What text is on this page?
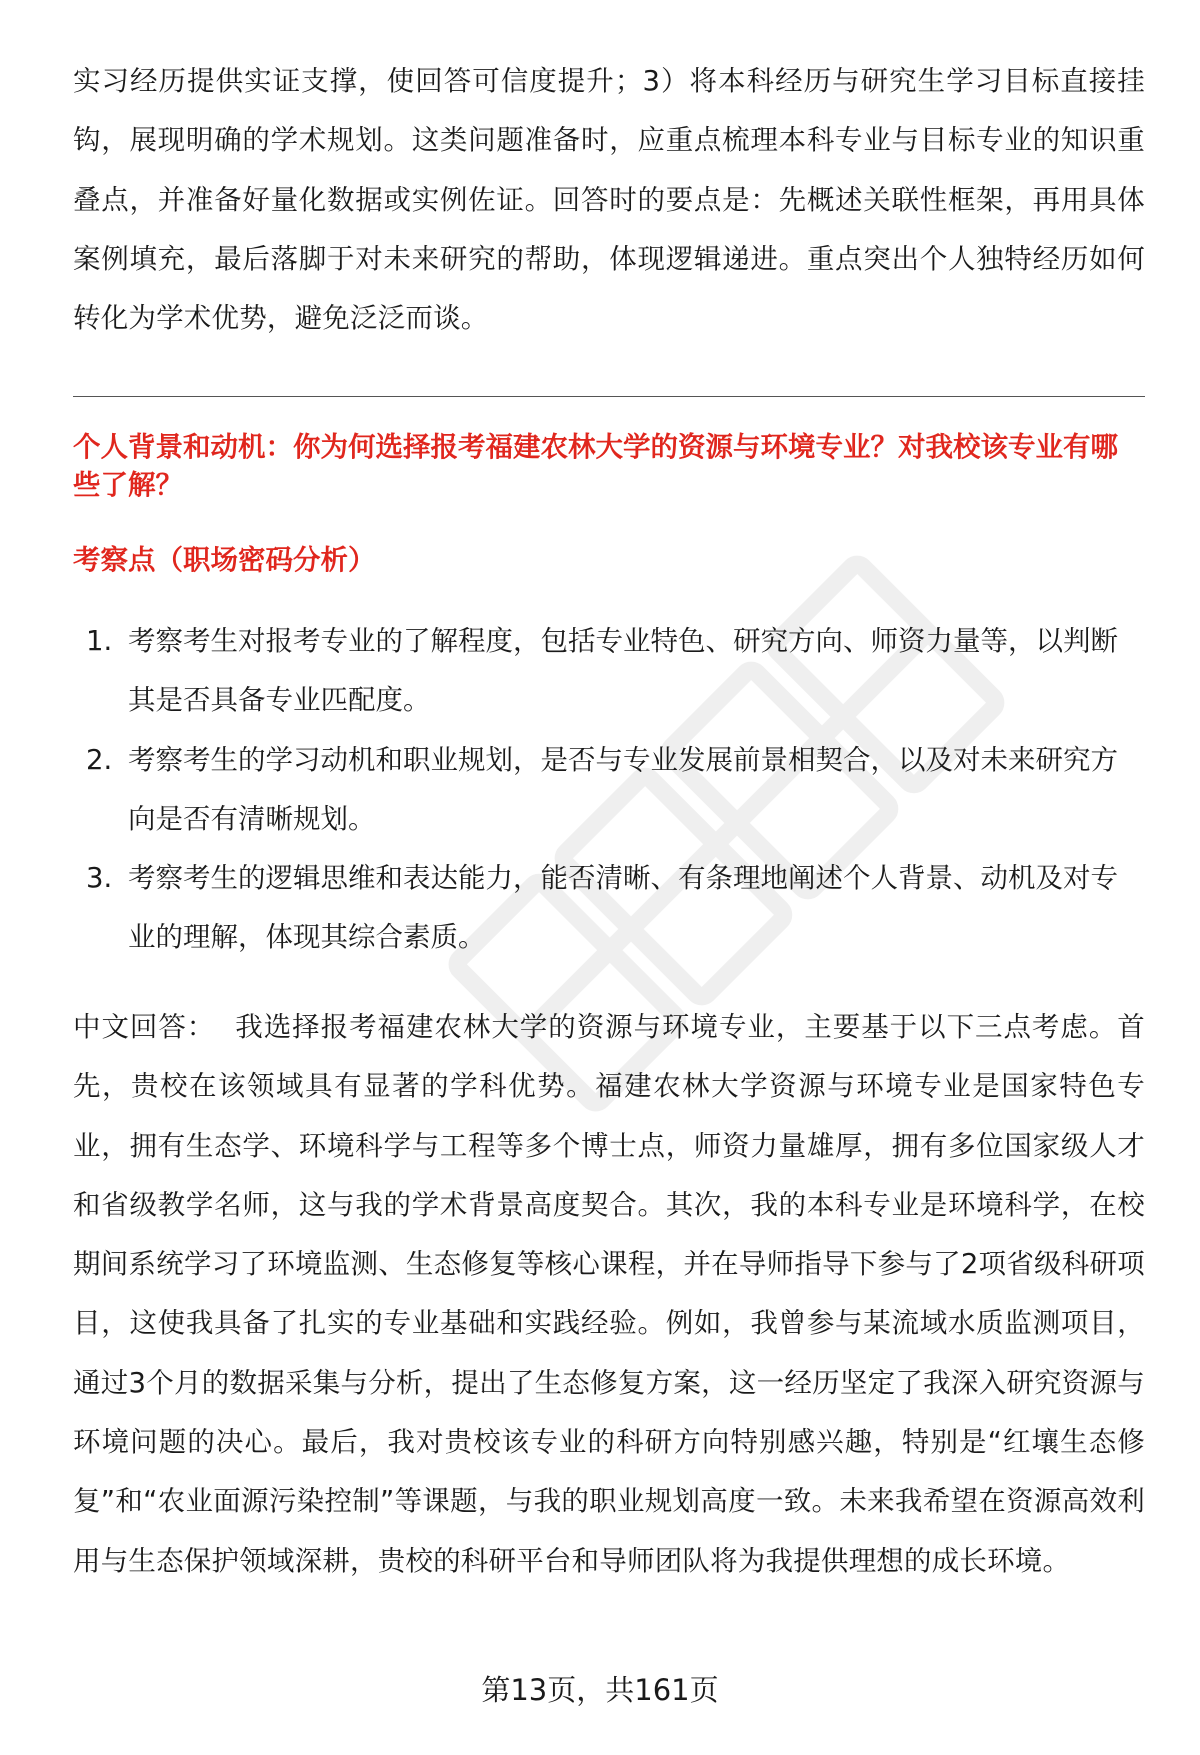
实习经历提供实证支撑，使回答可信度提升；3）将本科经历与研究生学习目标直接挂钩，展现明确的学术规划。这类问题准备时，应重点梳理本科专业与目标专业的知识重叠点，并准备好量化数据或实例佐证。回答时的要点是：先概述关联性框架，再用具体案例填充，最后落脚于对未来研究的帮助，体现逻辑递进。重点突出个人独特经历如何转化为学术优势，避免泛泛而谈。

个人背景和动机：你为何选择报考福建农林大学的资源与环境专业？对我校该专业有哪些了解？

考察点（职场密码分析）

1. 考察考生对报考专业的了解程度，包括专业特色、研究方向、师资力量等，以判断其是否具备专业匹配度。
2. 考察考生的学习动机和职业规划，是否与专业发展前景相契合，以及对未来研究方向是否有清晰规划。
3. 考察考生的逻辑思维和表达能力，能否清晰、有条理地阐述个人背景、动机及对专业的理解，体现其综合素质。

中文回答： 我选择报考福建农林大学的资源与环境专业，主要基于以下三点考虑。首先，贵校在该领域具有显著的学科优势。福建农林大学资源与环境专业是国家特色专业，拥有生态学、环境科学与工程等多个博士点，师资力量雄厚，拥有多位国家级人才和省级教学名师，这与我的学术背景高度契合。其次，我的本科专业是环境科学，在校期间系统学习了环境监测、生态修复等核心课程，并在导师指导下参与了2项省级科研项目，这使我具备了扎实的专业基础和实践经验。例如，我曾参与某流域水质监测项目，通过3个月的数据采集与分析，提出了生态修复方案，这一经历坚定了我深入研究资源与环境问题的决心。最后，我对贵校该专业的科研方向特别感兴趣，特别是“红壤生态修复”和“农业面源污染控制”等课题，与我的职业规划高度一致。未来我希望在资源高效利用与生态保护领域深耕，贵校的科研平台和导师团队将为我提供理想的成长环境。

第13页，共161页
